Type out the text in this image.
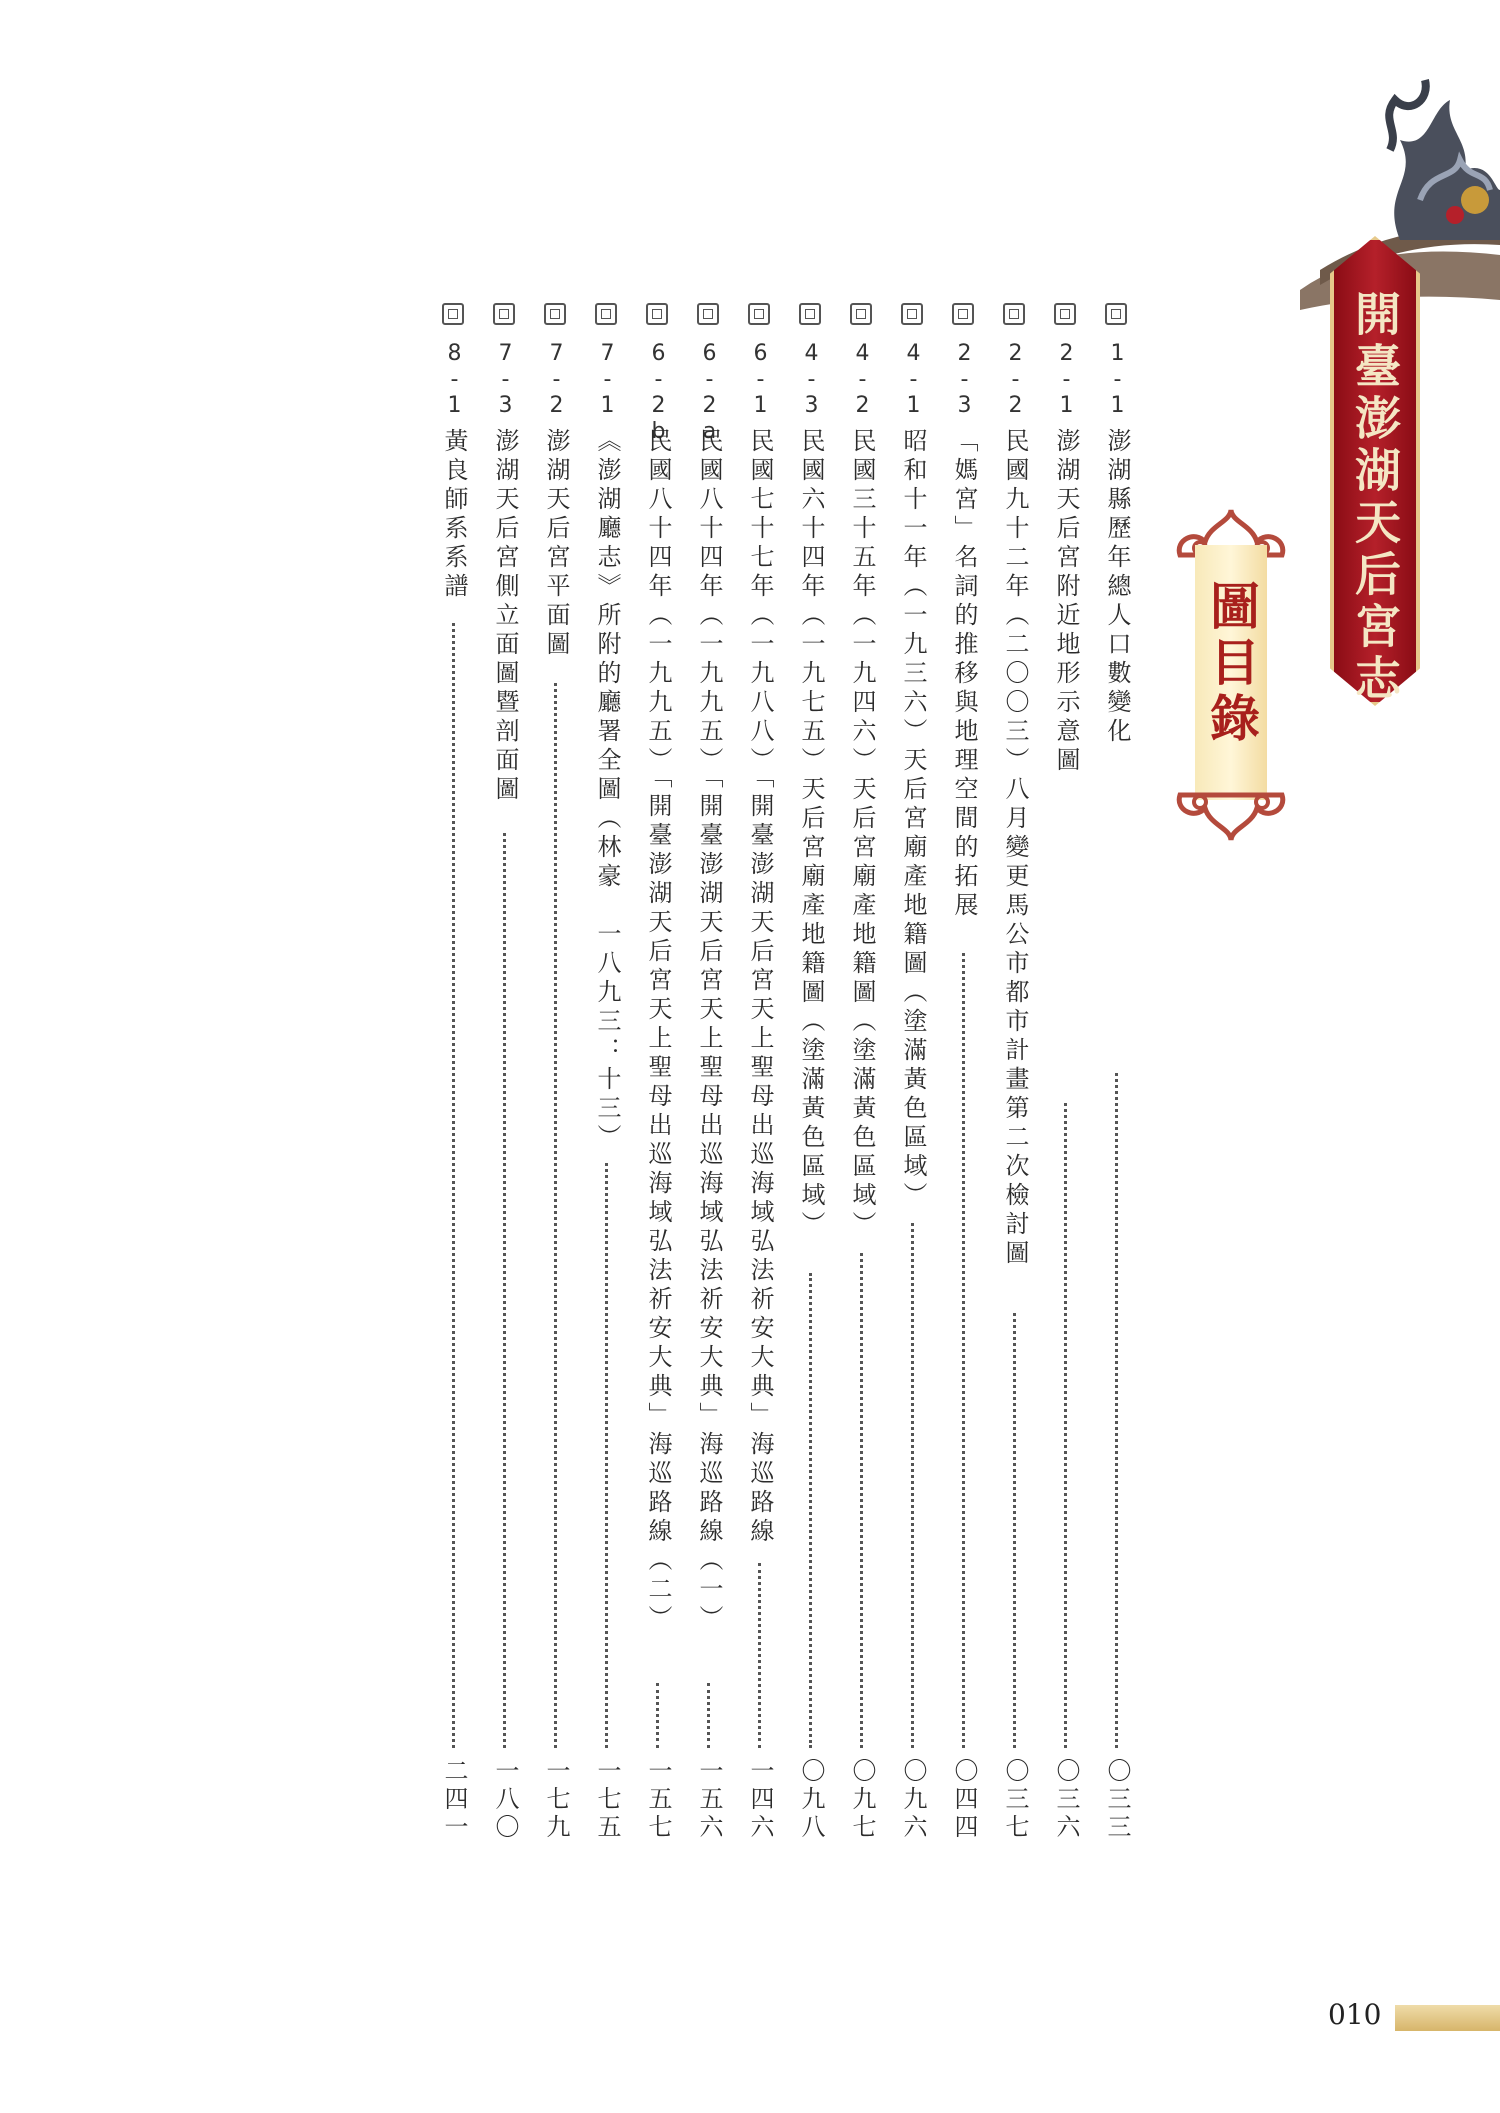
開臺澎湖天后宮志
圖目錄
1-1
澎湖縣歷年總人口數變化
〇三三
2-1
澎湖天后宮附近地形示意圖
〇三六
2-2
民國九十二年（二〇〇三）八月變更馬公市都市計畫第二次檢討圖
〇三七
2-3
「媽宮」名詞的推移與地理空間的拓展
〇四四
4-1
昭和十一年（一九三六）天后宮廟產地籍圖（塗滿黃色區域）
〇九六
4-2
民國三十五年（一九四六）天后宮廟產地籍圖（塗滿黃色區域）
〇九七
4-3
民國六十四年（一九七五）天后宮廟產地籍圖（塗滿黃色區域）
〇九八
6-1
民國七十七年（一九八八）「開臺澎湖天后宮天上聖母出巡海域弘法祈安大典」海巡路線
一四六
6-2a
民國八十四年（一九九五）「開臺澎湖天后宮天上聖母出巡海域弘法祈安大典」海巡路線（一）
一五六
6-2b
民國八十四年（一九九五）「開臺澎湖天后宮天上聖母出巡海域弘法祈安大典」海巡路線（二）
一五七
7-1
《澎湖廳志》所附的廳署全圖（林豪　一八九三：十三）
一七五
7-2
澎湖天后宮平面圖
一七九
7-3
澎湖天后宮側立面圖暨剖面圖
一八〇
8-1
黃良師系系譜
二四一
010
